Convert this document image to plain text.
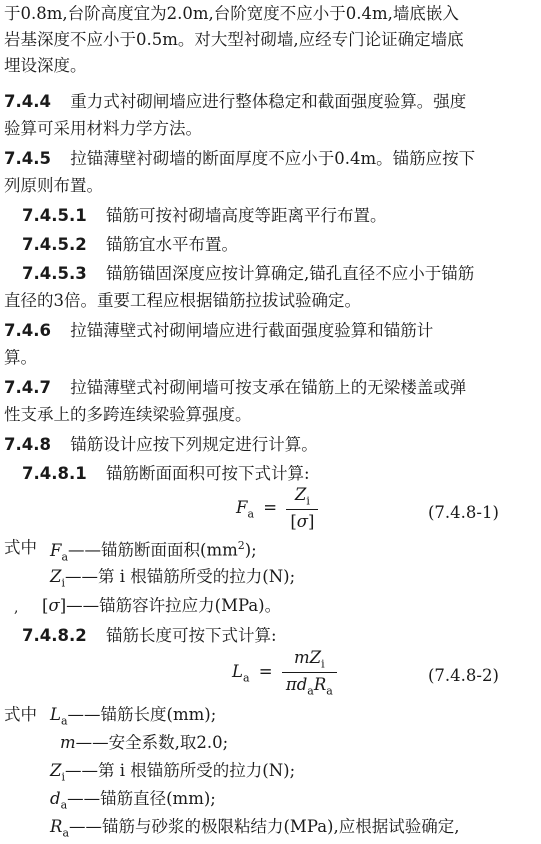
于0.8m,台阶高度宜为2.0m,台阶宽度不应小于0.4m,墙底嵌入
岩基深度不应小于0.5m。对大型衬砌墙,应经专门论证确定墙底
埋设深度。
7.4.4 重力式衬砌闸墙应进行整体稳定和截面强度验算。强度
验算可采用材料力学方法。
7.4.5 拉锚薄壁衬砌墙的断面厚度不应小于0.4m。锚筋应按下
列原则布置。
7.4.5.1 锚筋可按衬砌墙高度等距离平行布置。
7.4.5.2 锚筋宜水平布置。
7.4.5.3 锚筋锚固深度应按计算确定,锚孔直径不应小于锚筋
直径的3倍。重要工程应根据锚筋拉拔试验确定。
7.4.6 拉锚薄壁式衬砌闸墙应进行截面强度验算和锚筋计
算。
7.4.7 拉锚薄壁式衬砌闸墙可按支承在锚筋上的无梁楼盖或弹
性支承上的多跨连续梁验算强度。
7.4.8 锚筋设计应按下列规定进行计算。
7.4.8.1 锚筋断面面积可按下式计算:
$F_a = \frac{Z_i}{[\sigma]}$	(7.4.8-1)
式中 $F_a——$锚筋断面面积$(mm^2)$;
$Z_i——$第 i 根锚筋所受的拉力(N);
, [σ]——锚筋容许拉应力(MPa)。
7.4.8.2 锚筋长度可按下式计算:
$L_a = \frac{mZ_i}{\pi d_aR_a}$	(7.4.8-2)
式中 $L_a——$锚筋长度(mm);
m——安全系数,取2.0;
$Z_i——$第 i 根锚筋所受的拉力(N);
$d_a——$锚筋直径(mm);
$R_a——$锚筋与砂浆的极限粘结力(MPa),应根据试验确定,
